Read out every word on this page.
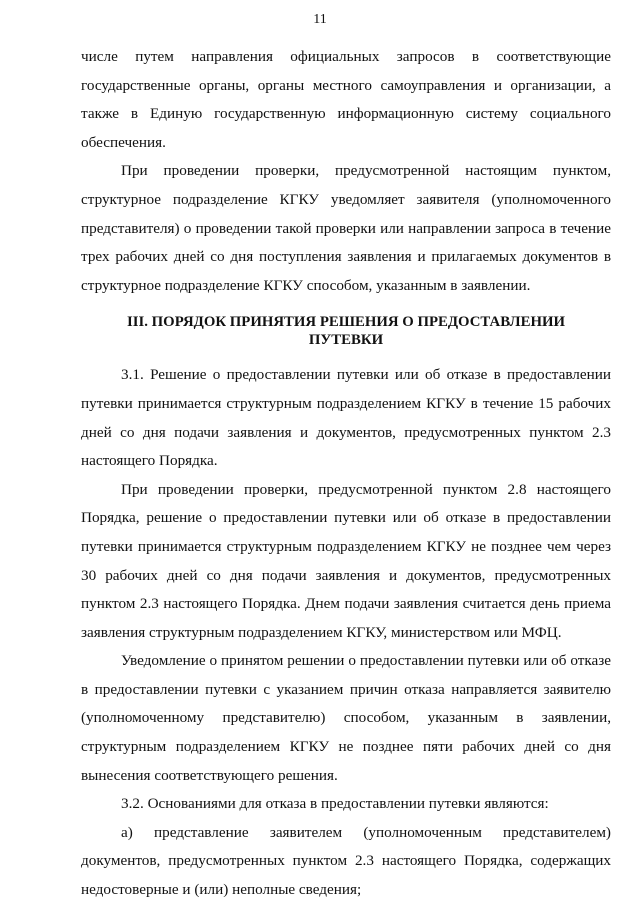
11

числе путем направления официальных запросов в соответствующие государственные органы, органы местного самоуправления и организации, а также в Единую государственную информационную систему социального обеспечения.

При проведении проверки, предусмотренной настоящим пунктом, структурное подразделение КГКУ уведомляет заявителя (уполномоченного представителя) о проведении такой проверки или направлении запроса в течение трех рабочих дней со дня поступления заявления и прилагаемых документов в структурное подразделение КГКУ способом, указанным в заявлении.

III. ПОРЯДОК ПРИНЯТИЯ РЕШЕНИЯ О ПРЕДОСТАВЛЕНИИ
ПУТЕВКИ

3.1. Решение о предоставлении путевки или об отказе в предоставлении путевки принимается структурным подразделением КГКУ в течение 15 рабочих дней со дня подачи заявления и документов, предусмотренных пунктом 2.3 настоящего Порядка.

При проведении проверки, предусмотренной пунктом 2.8 настоящего Порядка, решение о предоставлении путевки или об отказе в предоставлении путевки принимается структурным подразделением КГКУ не позднее чем через 30 рабочих дней со дня подачи заявления и документов, предусмотренных пунктом 2.3 настоящего Порядка. Днем подачи заявления считается день приема заявления структурным подразделением КГКУ, министерством или МФЦ.

Уведомление о принятом решении о предоставлении путевки или об отказе в предоставлении путевки с указанием причин отказа направляется заявителю (уполномоченному представителю) способом, указанным в заявлении, структурным подразделением КГКУ не позднее пяти рабочих дней со дня вынесения соответствующего решения.

3.2. Основаниями для отказа в предоставлении путевки являются:

а) представление заявителем (уполномоченным представителем) документов, предусмотренных пунктом 2.3 настоящего Порядка, содержащих недостоверные и (или) неполные сведения;
